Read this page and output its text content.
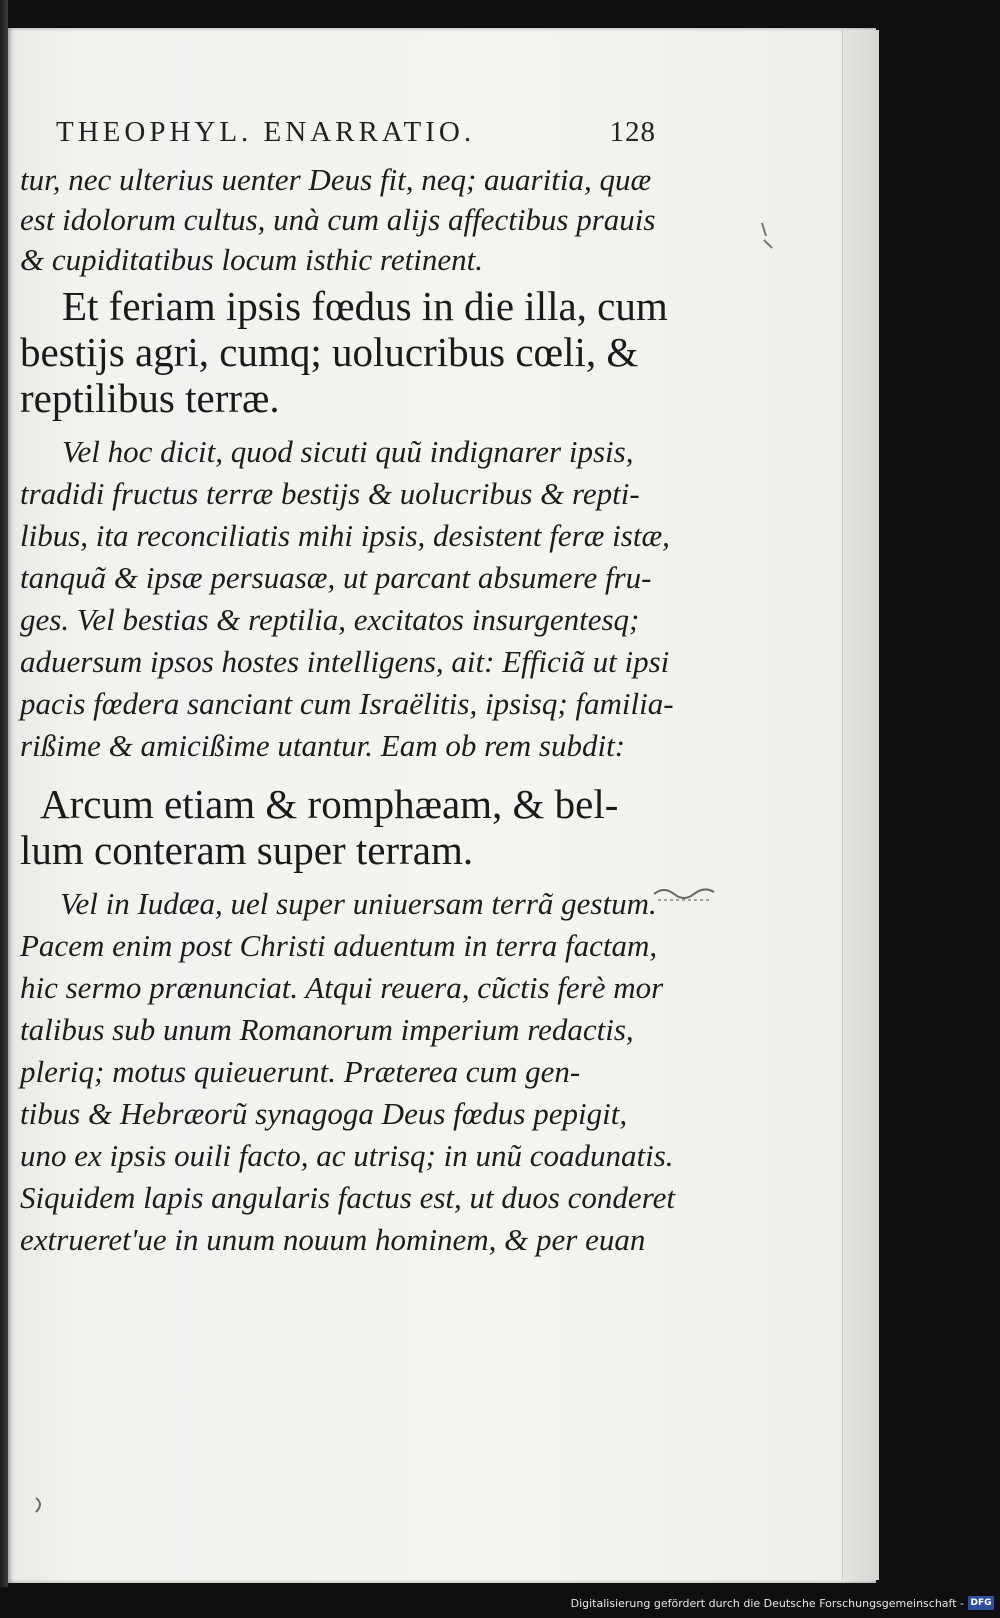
THEOPHYL. ENARRATIO.	128
tur, nec ulterius uenter Deus fit, neq; auaritia, quæ
est idolorum cultus, unà cum alijs affectibus prauis
& cupiditatibus locum isthic retinent.
Et feriam ipsis fœdus in die illa, cum
bestijs agri, cumq; uolucribus cœli, &
reptilibus terræ.
Vel hoc dicit, quod sicuti quũ indignarer ipsis,
tradidi fructus terræ bestijs & uolucribus & repti-
libus, ita reconciliatis mihi ipsis, desistent feræ istæ,
tanquã & ipsæ persuasæ, ut parcant absumere fru-
ges. Vel bestias & reptilia, excitatos insurgentesq;
aduersum ipsos hostes intelligens, ait: Efficiã ut ipsi
pacis fœdera sanciant cum Israëlitis, ipsisq; familia-
rißime & amicißime utantur. Eam ob rem subdit:
Arcum etiam & romphæam, & bel-
lum conteram super terram.
Vel in Iudæa, uel super uniuersam terrã gestum.
Pacem enim post Christi aduentum in terra factam,
hic sermo prænunciat. Atqui reuera, cũctis ferè mor
talibus sub unum Romanorum imperium redactis,
pleriq; motus quieuerunt. Præterea cum gen-
tibus & Hebræorũ synagoga Deus fœdus pepigit,
uno ex ipsis ouili facto, ac utrisq; in unũ coadunatis.
Siquidem lapis angularis factus est, ut duos conderet
extrueret'ue in unum nouum hominem, & per euan
Digitalisierung gefördert durch die Deutsche Forschungsgemeinschaft - DFG
